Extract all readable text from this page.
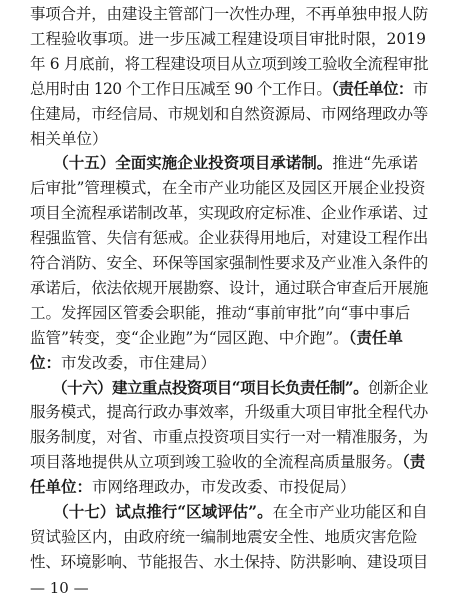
事项合并，由建设主管部门一次性办理，不再单独申报人防
工程验收事项。进一步压减工程建设项目审批时限，2019
年 6 月底前，将工程建设项目从立项到竣工验收全流程审批
总用时由 120 个工作日压减至 90 个工作日。（责任单位：市
住建局，市经信局、市规划和自然资源局、市网络理政办等
相关单位）
　　（十五）全面实施企业投资项目承诺制。推进“先承诺
后审批”管理模式，在全市产业功能区及园区开展企业投资
项目全流程承诺制改革，实现政府定标准、企业作承诺、过
程强监管、失信有惩戒。企业获得用地后，对建设工程作出
符合消防、安全、环保等国家强制性要求及产业准入条件的
承诺后，依法依规开展勘察、设计，通过联合审查后开展施
工。发挥园区管委会职能，推动“事前审批”向“事中事后
监管”转变，变“企业跑”为“园区跑、中介跑”。（责任单
位：市发改委，市住建局）
　　（十六）建立重点投资项目“项目长负责任制”。创新企业
服务模式，提高行政办事效率，升级重大项目审批全程代办
服务制度，对省、市重点投资项目实行一对一精准服务，为
项目落地提供从立项到竣工验收的全流程高质量服务。（责
任单位：市网络理政办，市发改委、市投促局）
　　（十七）试点推行“区域评估”。在全市产业功能区和自
贸试验区内，由政府统一编制地震安全性、地质灾害危险
性、环境影响、节能报告、水土保持、防洪影响、建设项目
— 10 —
